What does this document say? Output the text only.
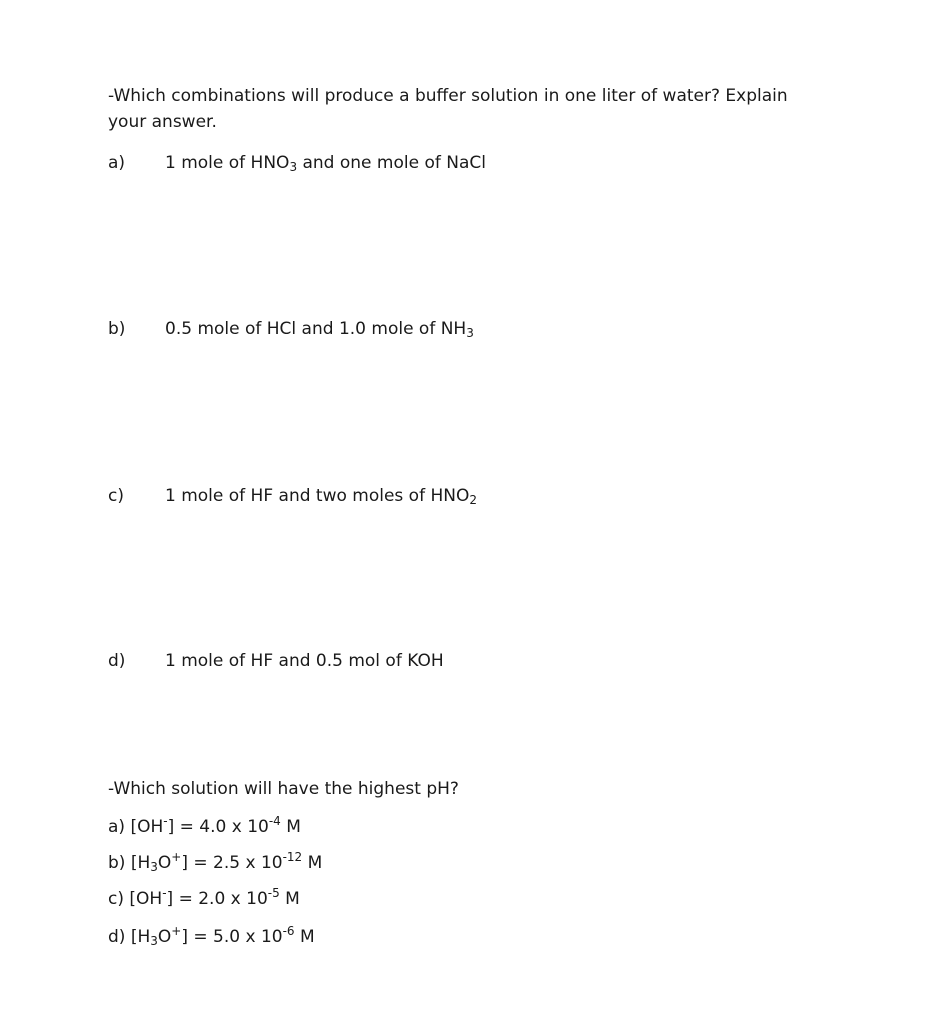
-Which combinations will produce a buffer solution in one liter of water? Explain your answer.
a) 1 mole of $HNO_3$ and one mole of NaCl
b) 0.5 mole of HCl and 1.0 mole of $NH_3$
c) 1 mole of HF and two moles of $HNO_2$
d) 1 mole of HF and 0.5 mol of KOH
-Which solution will have the highest pH?
a) [OH-] = 4.0 x $10^{-4}$ M
b) $[H_3O^+] = 2.5$ x $10^{-12}$ M
c) [OH-] = 2.0 x $10^{-5}$ M
d) $[H_3O^+] = 5.0$ x $10^{-6}$ M
